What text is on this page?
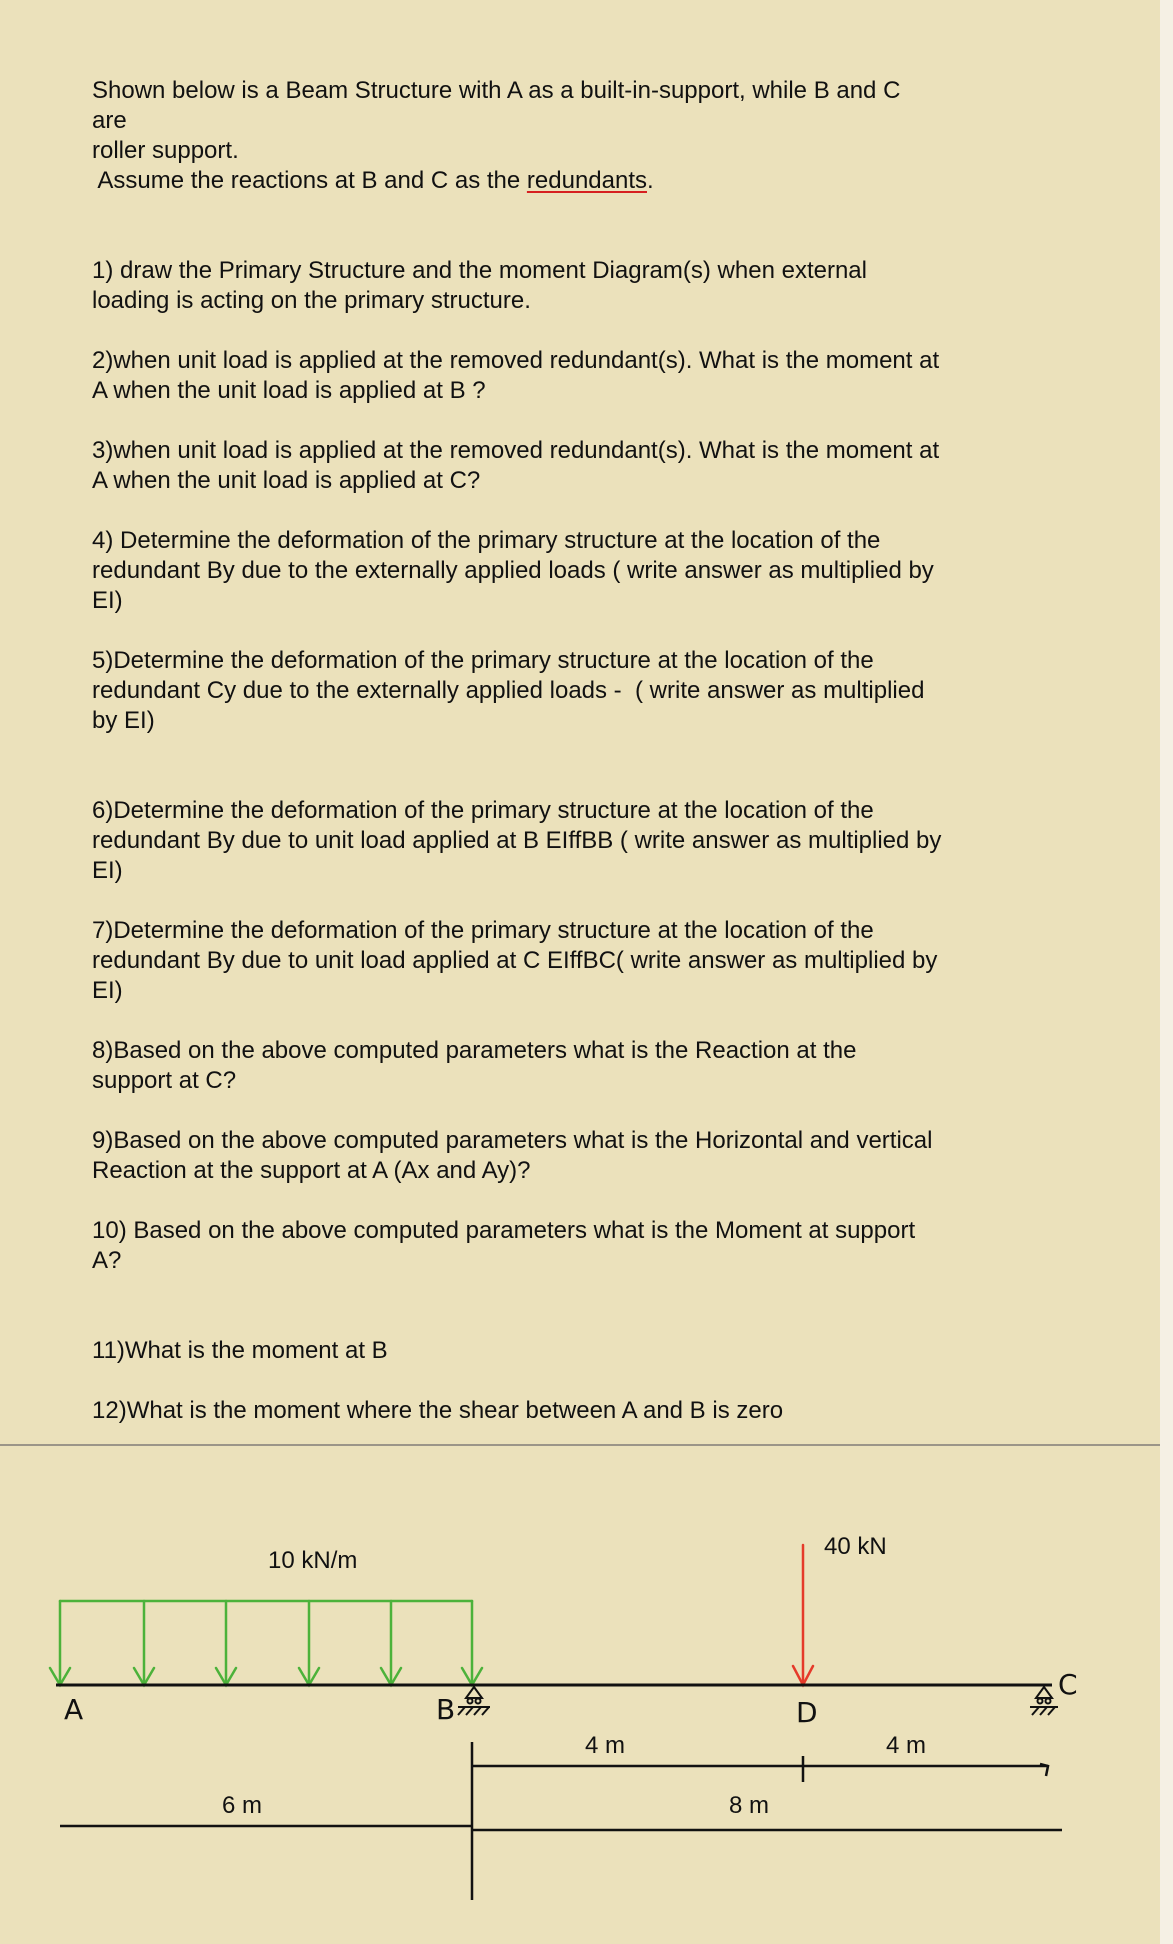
Shown below is a Beam Structure with A as a built-in-support, while B and C

are

roller support.

Assume the reactions at B and C as the redundants.

1) draw the Primary Structure and the moment Diagram(s) when external
loading is acting on the primary structure.

2)when unit load is applied at the removed redundant(s). What is the moment at
A when the unit load is applied at B ?

3)when unit load is applied at the removed redundant(s). What is the moment at
A when the unit load is applied at C?

4) Determine the deformation of the primary structure at the location of the
redundant By due to the externally applied loads ( write answer as multiplied by
EI)

5)Determine the deformation of the primary structure at the location of the
redundant Cy due to the externally applied loads -  ( write answer as multiplied
by EI)

6)Determine the deformation of the primary structure at the location of the
redundant By due to unit load applied at B EIffBB ( write answer as multiplied by
EI)

7)Determine the deformation of the primary structure at the location of the
redundant By due to unit load applied at C EIffBC( write answer as multiplied by
EI)

8)Based on the above computed parameters what is the Reaction at the
support at C?

9)Based on the above computed parameters what is the Horizontal and vertical
Reaction at the support at A (Ax and Ay)?

10) Based on the above computed parameters what is the Moment at support
A?

11)What is the moment at B

12)What is the moment where the shear between A and B is zero

10 kN/m
40 kN
A	B	D
C
4 m	4 m
6 m	8 m
